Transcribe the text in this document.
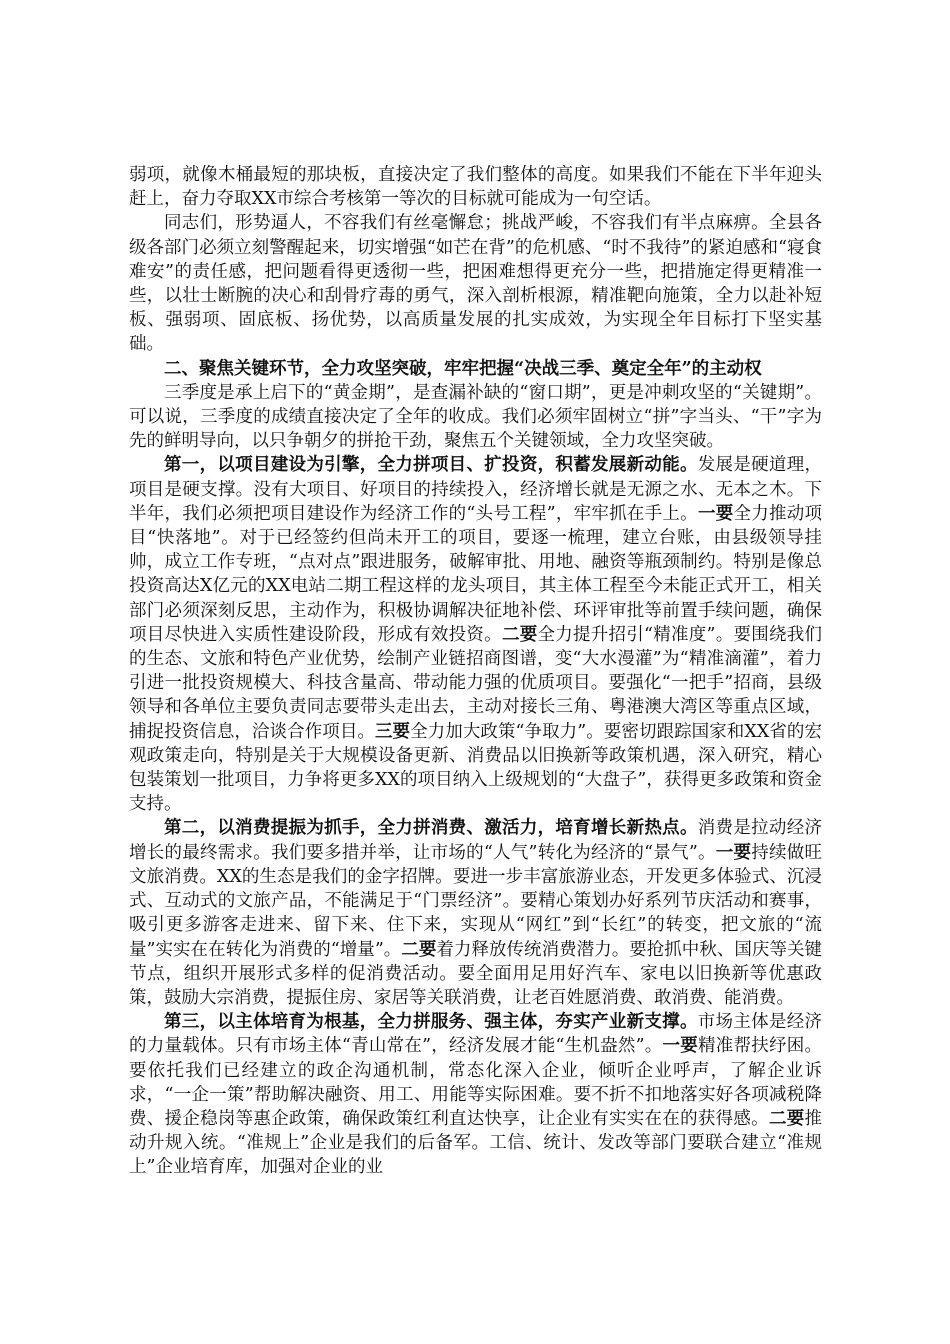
弱项，就像木桶最短的那块板，直接决定了我们整体的高度。如果我们不能在下半年迎头赶上，奋力夺取XX市综合考核第一等次的目标就可能成为一句空话。

同志们，形势逼人，不容我们有丝毫懈怠；挑战严峻，不容我们有半点麻痹。全县各级各部门必须立刻警醒起来，切实增强“如芒在背”的危机感、“时不我待”的紧迫感和“寝食难安”的责任感，把问题看得更透彻一些，把困难想得更充分一些，把措施定得更精准一些，以壮士断腕的决心和刮骨疗毒的勇气，深入剖析根源，精准靶向施策，全力以赴补短板、强弱项、固底板、扬优势，以高质量发展的扎实成效，为实现全年目标打下坚实基础。

二、聚焦关键环节，全力攻坚突破，牢牢把握“决战三季、奠定全年”的主动权

三季度是承上启下的“黄金期”，是查漏补缺的“窗口期”，更是冲刺攻坚的“关键期”。可以说，三季度的成绩直接决定了全年的收成。我们必须牢固树立“拼”字当头、“干”字为先的鲜明导向，以只争朝夕的拼抢干劲，聚焦五个关键领域，全力攻坚突破。

第一，以项目建设为引擎，全力拼项目、扩投资，积蓄发展新动能。发展是硬道理，项目是硬支撑。没有大项目、好项目的持续投入，经济增长就是无源之水、无本之木。下半年，我们必须把项目建设作为经济工作的“头号工程”，牢牢抓在手上。一要全力推动项目“快落地”。对于已经签约但尚未开工的项目，要逐一梳理，建立台账，由县级领导挂帅，成立工作专班，“点对点”跟进服务，破解审批、用地、融资等瓶颈制约。特别是像总投资高达X亿元的XX电站二期工程这样的龙头项目，其主体工程至今未能正式开工，相关部门必须深刻反思，主动作为，积极协调解决征地补偿、环评审批等前置手续问题，确保项目尽快进入实质性建设阶段，形成有效投资。二要全力提升招引“精准度”。要围绕我们的生态、文旅和特色产业优势，绘制产业链招商图谱，变“大水漫灌”为“精准滴灌”，着力引进一批投资规模大、科技含量高、带动能力强的优质项目。要强化“一把手”招商，县级领导和各单位主要负责同志要带头走出去，主动对接长三角、粤港澳大湾区等重点区域，捕捉投资信息，洽谈合作项目。三要全力加大政策“争取力”。要密切跟踪国家和XX省的宏观政策走向，特别是关于大规模设备更新、消费品以旧换新等政策机遇，深入研究，精心包装策划一批项目，力争将更多XX的项目纳入上级规划的“大盘子”，获得更多政策和资金支持。

第二，以消费提振为抓手，全力拼消费、激活力，培育增长新热点。消费是拉动经济增长的最终需求。我们要多措并举，让市场的“人气”转化为经济的“景气”。一要持续做旺文旅消费。XX的生态是我们的金字招牌。要进一步丰富旅游业态，开发更多体验式、沉浸式、互动式的文旅产品，不能满足于“门票经济”。要精心策划办好系列节庆活动和赛事，吸引更多游客走进来、留下来、住下来，实现从“网红”到“长红”的转变，把文旅的“流量”实实在在转化为消费的“增量”。二要着力释放传统消费潜力。要抢抓中秋、国庆等关键节点，组织开展形式多样的促消费活动。要全面用足用好汽车、家电以旧换新等优惠政策，鼓励大宗消费，提振住房、家居等关联消费，让老百姓愿消费、敢消费、能消费。

第三，以主体培育为根基，全力拼服务、强主体，夯实产业新支撑。市场主体是经济的力量载体。只有市场主体“青山常在”，经济发展才能“生机盎然”。一要精准帮扶纾困。要依托我们已经建立的政企沟通机制，常态化深入企业，倾听企业呼声，了解企业诉求，“一企一策”帮助解决融资、用工、用能等实际困难。要不折不扣地落实好各项减税降费、援企稳岗等惠企政策，确保政策红利直达快享，让企业有实实在在的获得感。二要推动升规入统。“准规上”企业是我们的后备军。工信、统计、发改等部门要联合建立“准规上”企业培育库，加强对企业的业
